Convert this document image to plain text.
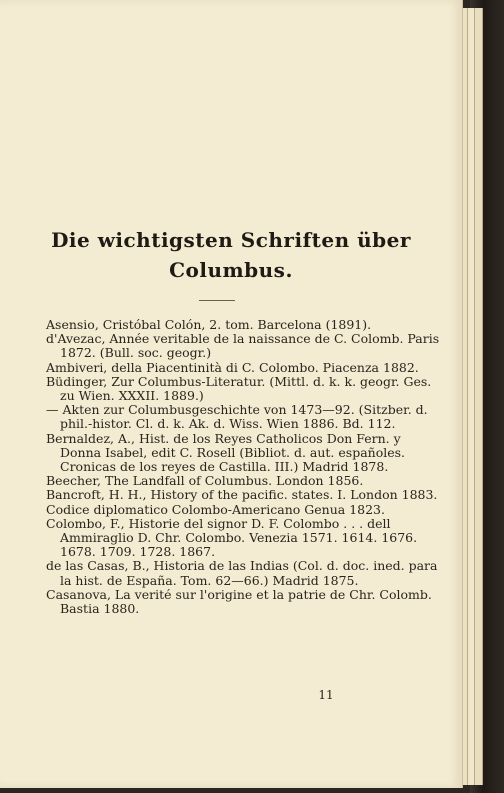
Die wichtigsten Schriften über
Columbus.

Asensio, Cristóbal Colón, 2. tom. Barcelona (1891).

d'Avezac, Année veritable de la naissance de C. Colomb. Paris 1872. (Bull. soc. geogr.)

Ambiveri, della Piacentinità di C. Colombo. Piacenza 1882.

Büdinger, Zur Columbus-Literatur. (Mittl. d. k. k. geogr. Ges. zu Wien. XXXII. 1889.)

— Akten zur Columbusgeschichte von 1473—92. (Sitzber. d. phil.-histor. Cl. d. k. Ak. d. Wiss. Wien 1886. Bd. 112.

Bernaldez, A., Hist. de los Reyes Catholicos Don Fern. y Donna Isabel, edit C. Rosell (Bibliot. d. aut. españoles. Cronicas de los reyes de Castilla. III.) Madrid 1878.

Beecher, The Landfall of Columbus. London 1856.

Bancroft, H. H., History of the pacific. states. I. London 1883.

Codice diplomatico Colombo-Americano Genua 1823.

Colombo, F., Historie del signor D. F. Colombo . . . dell Ammiraglio D. Chr. Colombo. Venezia 1571. 1614. 1676. 1678. 1709. 1728. 1867.

de las Casas, B., Historia de las Indias (Col. d. doc. ined. para la hist. de España. Tom. 62—66.) Madrid 1875.

Casanova, La verité sur l'origine et la patrie de Chr. Colomb. Bastia 1880.

11
